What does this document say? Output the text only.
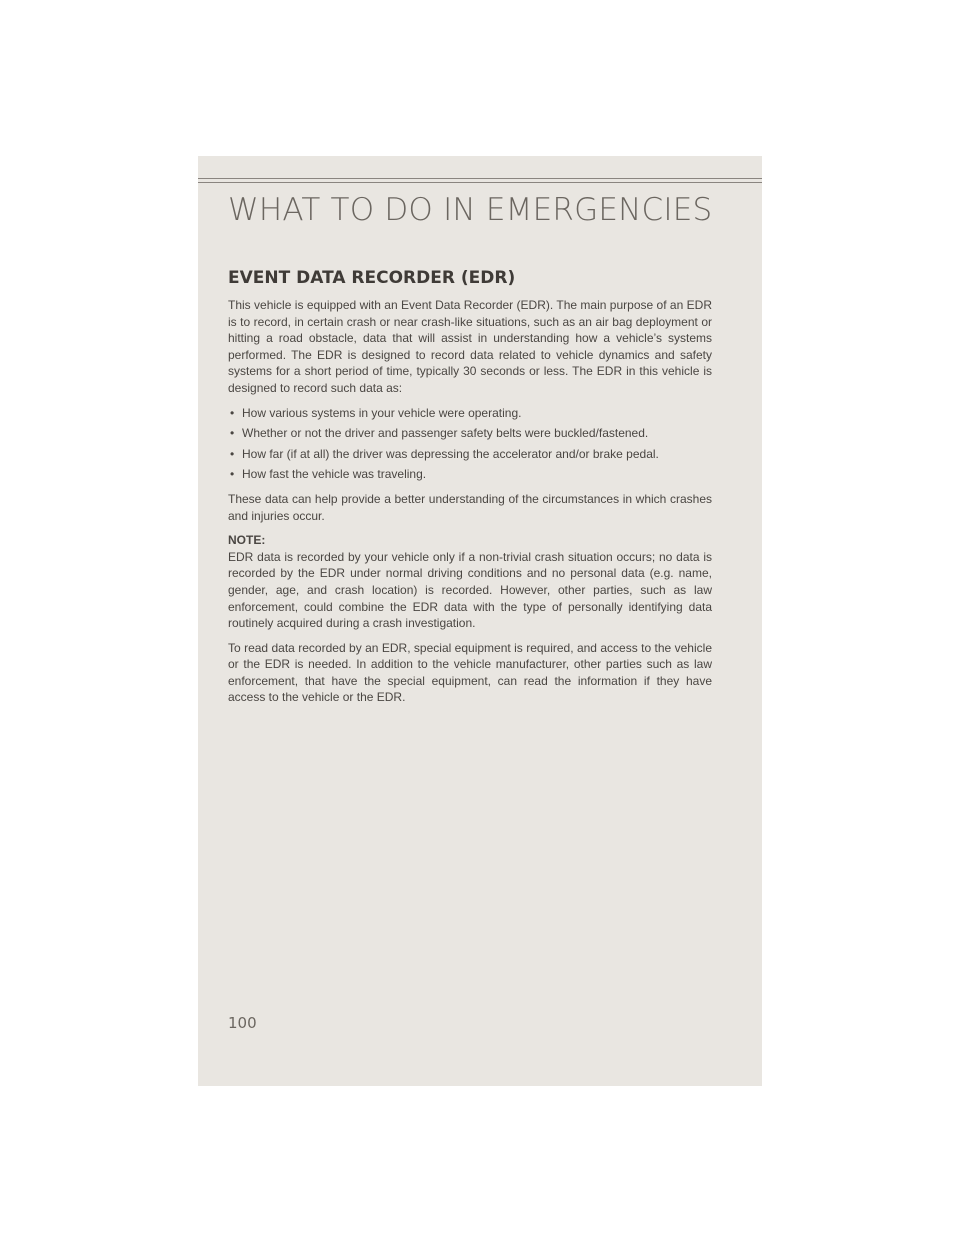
WHAT TO DO IN EMERGENCIES
EVENT DATA RECORDER (EDR)

This vehicle is equipped with an Event Data Recorder (EDR). The main purpose of an EDR is to record, in certain crash or near crash-like situations, such as an air bag deployment or hitting a road obstacle, data that will assist in understanding how a vehicle’s systems performed. The EDR is designed to record data related to vehicle dynamics and safety systems for a short period of time, typically 30 seconds or less. The EDR in this vehicle is designed to record such data as:

• How various systems in your vehicle were operating.
• Whether or not the driver and passenger safety belts were buckled/fastened.
• How far (if at all) the driver was depressing the accelerator and/or brake pedal.
• How fast the vehicle was traveling.

These data can help provide a better understanding of the circumstances in which crashes and injuries occur.

NOTE:
EDR data is recorded by your vehicle only if a non-trivial crash situation occurs; no data is recorded by the EDR under normal driving conditions and no personal data (e.g. name, gender, age, and crash location) is recorded. However, other parties, such as law enforcement, could combine the EDR data with the type of personally identifying data routinely acquired during a crash investigation.

To read data recorded by an EDR, special equipment is required, and access to the vehicle or the EDR is needed. In addition to the vehicle manufacturer, other parties such as law enforcement, that have the special equipment, can read the information if they have access to the vehicle or the EDR.

100
